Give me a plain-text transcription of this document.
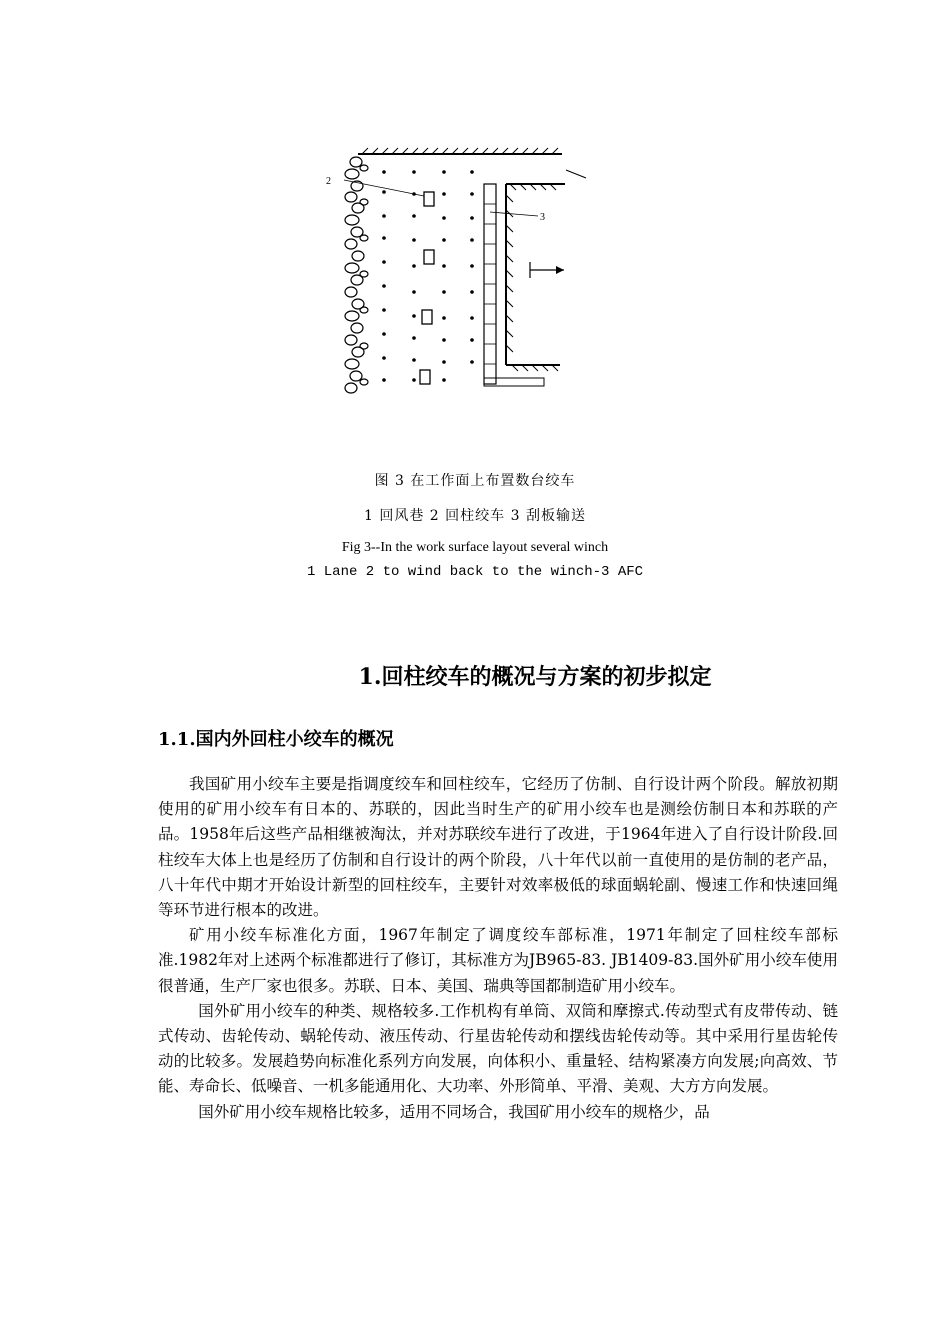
2
3
1
图 3 在工作面上布置数台绞车
1 回风巷 2 回柱绞车 3 刮板输送
Fig 3--In the work surface layout several winch
1 Lane 2 to wind back to the winch-3 AFC
1.回柱绞车的概况与方案的初步拟定
1.1.国内外回柱小绞车的概况

我国矿用小绞车主要是指调度绞车和回柱绞车，它经历了仿制、自行设计两个阶段。解放初期使用的矿用小绞车有日本的、苏联的，因此当时生产的矿用小绞车也是测绘仿制日本和苏联的产品。1958年后这些产品相继被淘汰，并对苏联绞车进行了改进，于1964年进入了自行设计阶段.回柱绞车大体上也是经历了仿制和自行设计的两个阶段，八十年代以前一直使用的是仿制的老产品，八十年代中期才开始设计新型的回柱绞车，主要针对效率极低的球面蜗轮副、慢速工作和快速回绳等环节进行根本的改进。

矿用小绞车标准化方面，1967年制定了调度绞车部标准，1971年制定了回柱绞车部标准.1982年对上述两个标准都进行了修订，其标准方为JB965-83. JB1409-83.国外矿用小绞车使用很普通，生产厂家也很多。苏联、日本、美国、瑞典等国都制造矿用小绞车。

国外矿用小绞车的种类、规格较多.工作机构有单筒、双筒和摩擦式.传动型式有皮带传动、链式传动、齿轮传动、蜗轮传动、液压传动、行星齿轮传动和摆线齿轮传动等。其中采用行星齿轮传动的比较多。发展趋势向标准化系列方向发展，向体积小、重量轻、结构紧凑方向发展;向高效、节能、寿命长、低噪音、一机多能通用化、大功率、外形简单、平滑、美观、大方方向发展。

国外矿用小绞车规格比较多，适用不同场合，我国矿用小绞车的规格少，品
